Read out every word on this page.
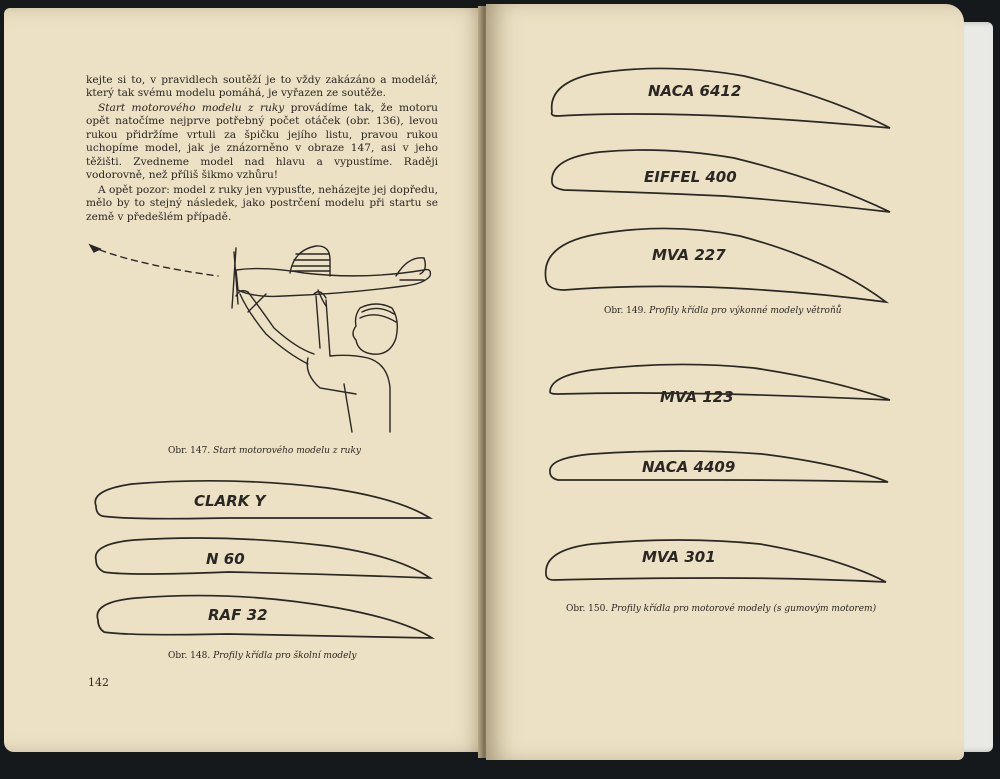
kejte si to, v pravidlech soutěží je to vždy zakázáno a modelář, který tak svému modelu pomáhá, je vyřazen ze soutěže.

Start motorového modelu z ruky provádíme tak, že motoru opět natočíme nejprve potřebný počet otáček (obr. 136), levou rukou přidržíme vrtuli za špičku jejího listu, pravou rukou uchopíme model, jak je znázorněno v obraze 147, asi v jeho těžišti. Zvedneme model nad hlavu a vypustíme. Raději vodorovně, než příliš šikmo vzhůru!

A opět pozor: model z ruky jen vypusťte, neházejte jej dopředu, mělo by to stejný následek, jako postrčení modelu při startu se země v předešlém případě.

Obr. 147. Start motorového modelu z ruky
CLARK Y
N 60
RAF 32
Obr. 148. Profily křídla pro školní modely
142
NACA 6412
EIFFEL 400
MVA 227
Obr. 149. Profily křídla pro výkonné modely větroňů
MVA 123
NACA 4409
MVA 301
Obr. 150. Profily křídla pro motorové modely (s gumovým motorem)
